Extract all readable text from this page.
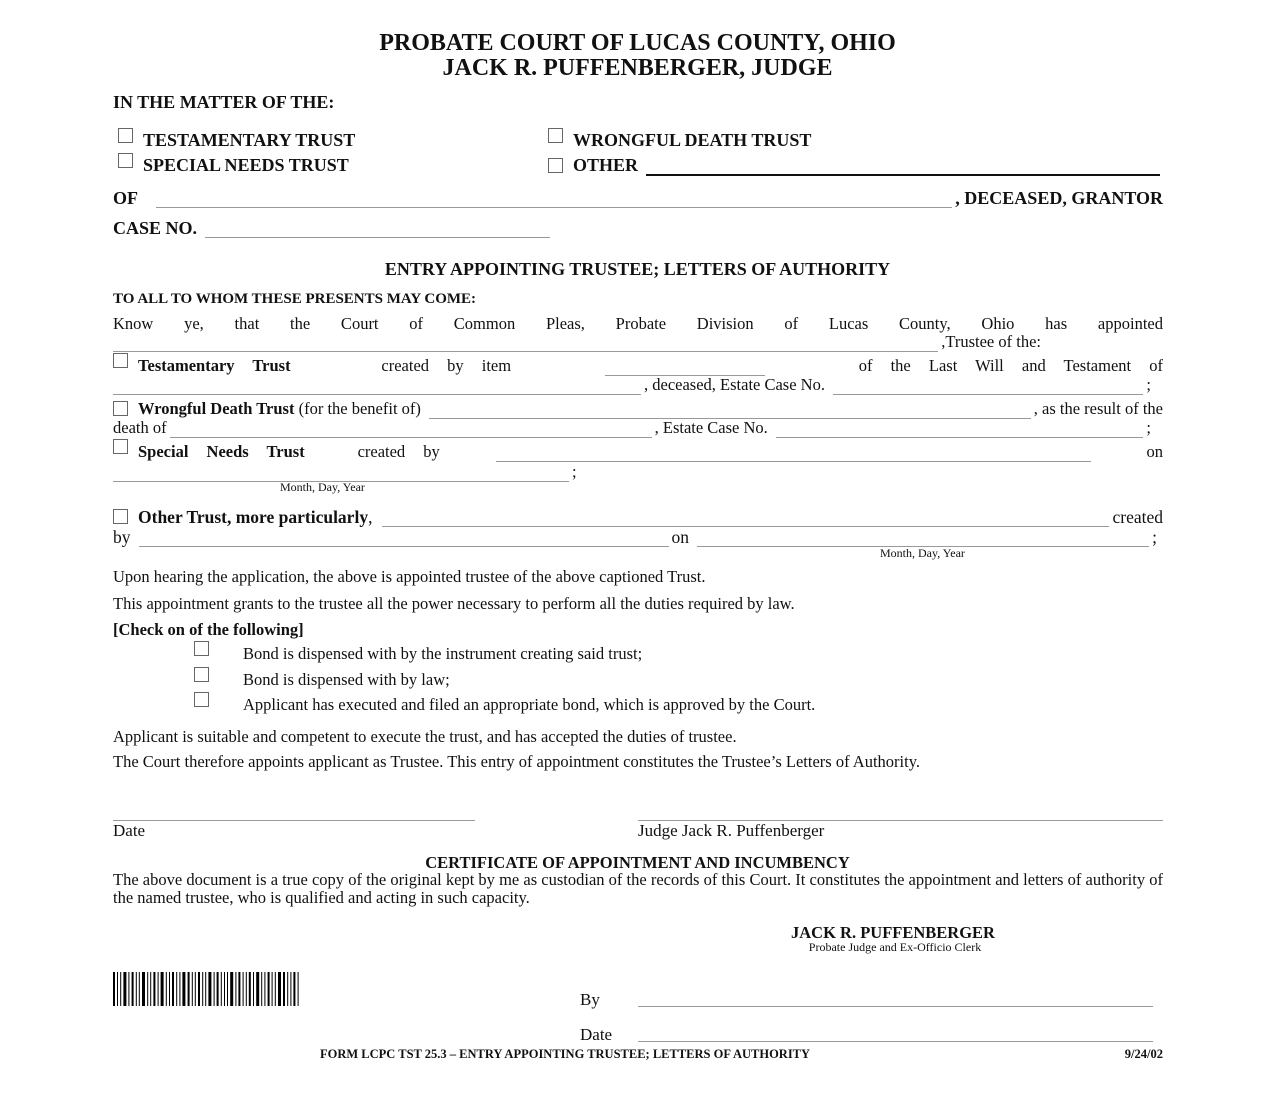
PROBATE COURT OF LUCAS COUNTY, OHIO
JACK R. PUFFENBERGER, JUDGE
IN THE MATTER OF THE:
TESTAMENTARY TRUST	WRONGFUL DEATH TRUST
SPECIAL NEEDS TRUST	OTHER
OF	, DECEASED, GRANTOR
CASE NO.
ENTRY APPOINTING TRUSTEE; LETTERS OF AUTHORITY
TO ALL TO WHOM THESE PRESENTS MAY COME:
Know ye, that the Court of Common Pleas, Probate Division of Lucas County, Ohio has appointed
,Trustee of the:
Testamentary Trust	created by item	of the Last Will and Testament of
, deceased, Estate Case No.	;
Wrongful Death Trust
(for the benefit of)	, as the result of the
death of	, Estate Case No.	;
Special Needs Trust	created by	on
;
Month, Day, Year
Other Trust, more particularly ,	created
by	on	;
Month, Day, Year
Upon hearing the application, the above is appointed trustee of the above captioned Trust.
This appointment grants to the trustee all the power necessary to perform all the duties required by law.
[Check on of the following]
Bond is dispensed with by the instrument creating said trust;
Bond is dispensed with by law;
Applicant has executed and filed an appropriate bond, which is approved by the Court.
Applicant is suitable and competent to execute the trust, and has accepted the duties of trustee.
The Court therefore appoints applicant as Trustee. This entry of appointment constitutes the Trustee’s Letters of Authority.
Date	Judge Jack R. Puffenberger
CERTIFICATE OF APPOINTMENT AND INCUMBENCY
The above document is a true copy of the original kept by me as custodian of the records of this Court. It constitutes the appointment and letters of authority of the named trustee, who is qualified and acting in such capacity.
JACK R. PUFFENBERGER
Probate Judge and Ex-Officio Clerk
By
Date
FORM LCPC TST 25.3 – ENTRY APPOINTING TRUSTEE; LETTERS OF AUTHORITY	9/24/02
